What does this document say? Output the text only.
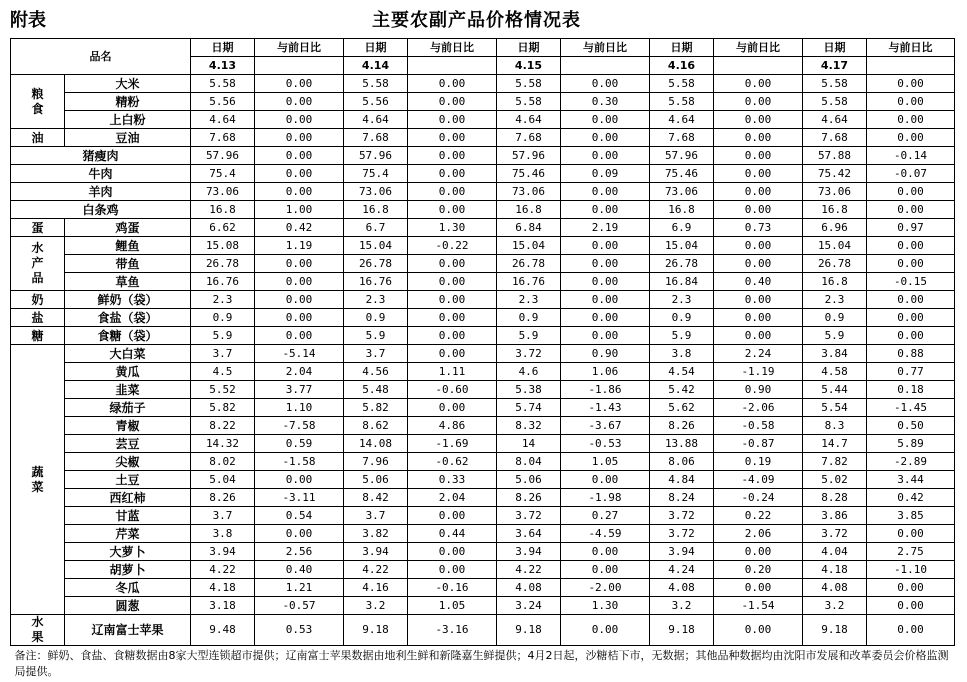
附表	主要农副产品价格情况表
品名		日期	与前日比	日期	与前日比	日期	与前日比	日期	与前日比	日期	与前日比
		4.13		4.14		4.15		4.16		4.17	
粮食	大米	5.58	0.00	5.58	0.00	5.58	0.00	5.58	0.00	5.58	0.00
	精粉	5.56	0.00	5.56	0.00	5.58	0.30	5.58	0.00	5.58	0.00
	上白粉	4.64	0.00	4.64	0.00	4.64	0.00	4.64	0.00	4.64	0.00
油	豆油	7.68	0.00	7.68	0.00	7.68	0.00	7.68	0.00	7.68	0.00
猪瘦肉		57.96	0.00	57.96	0.00	57.96	0.00	57.96	0.00	57.88	-0.14
牛肉		75.4	0.00	75.4	0.00	75.46	0.09	75.46	0.00	75.42	-0.07
羊肉		73.06	0.00	73.06	0.00	73.06	0.00	73.06	0.00	73.06	0.00
白条鸡		16.8	1.00	16.8	0.00	16.8	0.00	16.8	0.00	16.8	0.00
蛋	鸡蛋	6.62	0.42	6.7	1.30	6.84	2.19	6.9	0.73	6.96	0.97
水产品	鲤鱼	15.08	1.19	15.04	-0.22	15.04	0.00	15.04	0.00	15.04	0.00
	带鱼	26.78	0.00	26.78	0.00	26.78	0.00	26.78	0.00	26.78	0.00
	草鱼	16.76	0.00	16.76	0.00	16.76	0.00	16.84	0.40	16.8	-0.15
奶	鲜奶（袋）	2.3	0.00	2.3	0.00	2.3	0.00	2.3	0.00	2.3	0.00
盐	食盐（袋）	0.9	0.00	0.9	0.00	0.9	0.00	0.9	0.00	0.9	0.00
糖	食糖（袋）	5.9	0.00	5.9	0.00	5.9	0.00	5.9	0.00	5.9	0.00
蔬菜	大白菜	3.7	-5.14	3.7	0.00	3.72	0.90	3.8	2.24	3.84	0.88
	黄瓜	4.5	2.04	4.56	1.11	4.6	1.06	4.54	-1.19	4.58	0.77
	韭菜	5.52	3.77	5.48	-0.60	5.38	-1.86	5.42	0.90	5.44	0.18
	绿茄子	5.82	1.10	5.82	0.00	5.74	-1.43	5.62	-2.06	5.54	-1.45
	青椒	8.22	-7.58	8.62	4.86	8.32	-3.67	8.26	-0.58	8.3	0.50
	芸豆	14.32	0.59	14.08	-1.69	14	-0.53	13.88	-0.87	14.7	5.89
	尖椒	8.02	-1.58	7.96	-0.62	8.04	1.05	8.06	0.19	7.82	-2.89
	土豆	5.04	0.00	5.06	0.33	5.06	0.00	4.84	-4.09	5.02	3.44
	西红柿	8.26	-3.11	8.42	2.04	8.26	-1.98	8.24	-0.24	8.28	0.42
	甘蓝	3.7	0.54	3.7	0.00	3.72	0.27	3.72	0.22	3.86	3.85
	芹菜	3.8	0.00	3.82	0.44	3.64	-4.59	3.72	2.06	3.72	0.00
	大萝卜	3.94	2.56	3.94	0.00	3.94	0.00	3.94	0.00	4.04	2.75
	胡萝卜	4.22	0.40	4.22	0.00	4.22	0.00	4.24	0.20	4.18	-1.10
	冬瓜	4.18	1.21	4.16	-0.16	4.08	-2.00	4.08	0.00	4.08	0.00
	圆葱	3.18	-0.57	3.2	1.05	3.24	1.30	3.2	-1.54	3.2	0.00
水果	辽南富士苹果	9.48	0.53	9.18	-3.16	9.18	0.00	9.18	0.00	9.18	0.00
备注：鲜奶、食盐、食糖数据由8家大型连锁超市提供；辽南富士苹果数据由地利生鲜和新隆嘉生鲜提供；4月2日起，沙糖桔下市，无数据；其他品种数据均由沈阳市发展和改革委员会价格监测局提供。											
